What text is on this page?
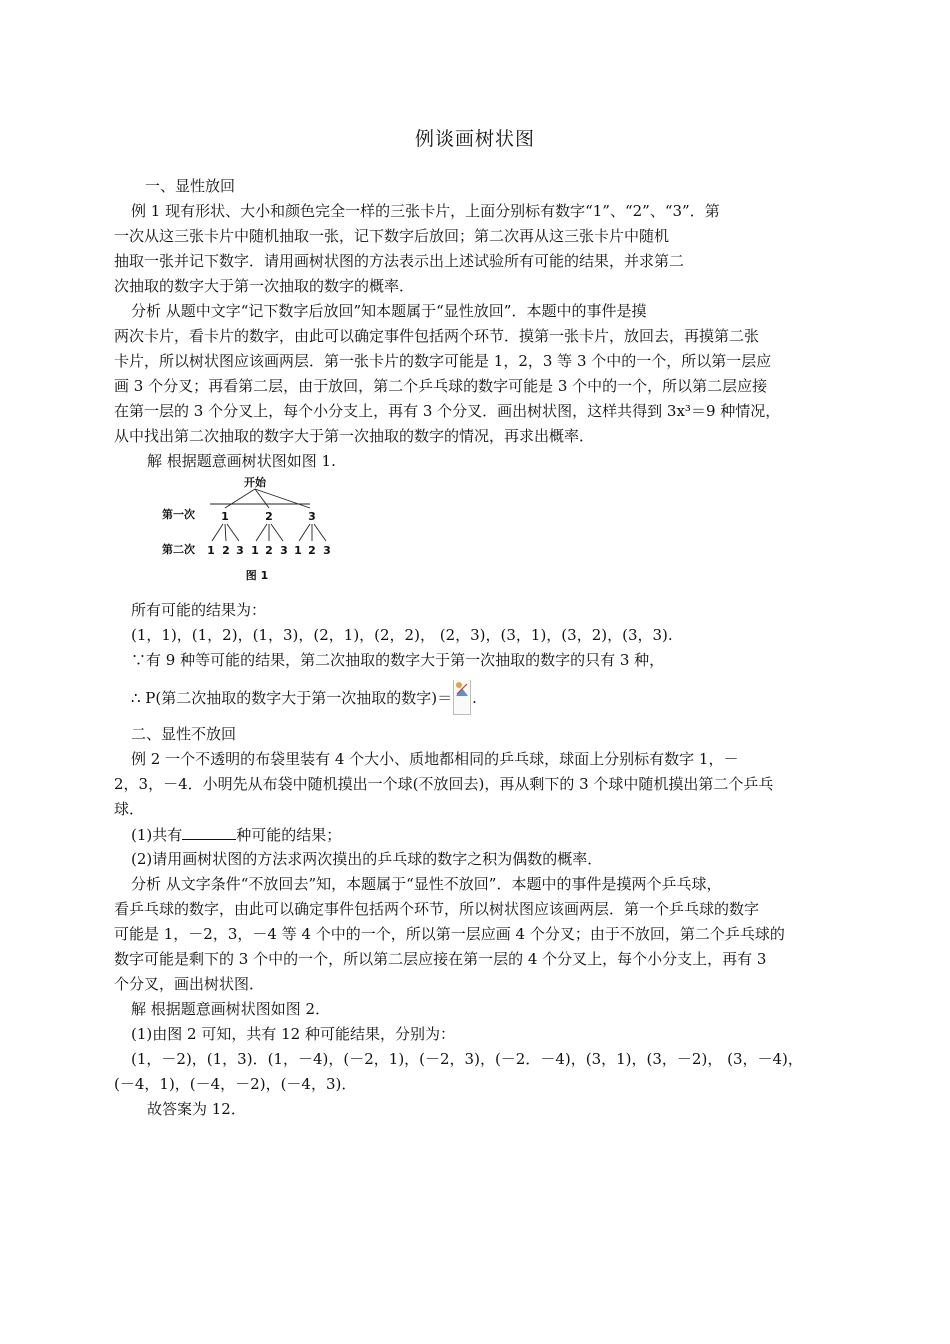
例谈画树状图
一、显性放回
例 1 现有形状、大小和颜色完全一样的三张卡片，上面分别标有数字“1”、“2”、“3”．第
一次从这三张卡片中随机抽取一张，记下数字后放回；第二次再从这三张卡片中随机
抽取一张并记下数字．请用画树状图的方法表示出上述试验所有可能的结果，并求第二
次抽取的数字大于第一次抽取的数字的概率．
分析 从题中文字“记下数字后放回”知本题属于“显性放回”．本题中的事件是摸
两次卡片，看卡片的数字，由此可以确定事件包括两个环节．摸第一张卡片，放回去，再摸第二张
卡片，所以树状图应该画两层．第一张卡片的数字可能是 1，2，3 等 3 个中的一个，所以第一层应
画 3 个分叉；再看第二层，由于放回，第二个乒乓球的数字可能是 3 个中的一个，所以第二层应接
在第一层的 3 个分叉上，每个小分支上，再有 3 个分叉．画出树状图，这样共得到 3x³＝9 种情况，
从中找出第二次抽取的数字大于第一次抽取的数字的情况，再求出概率．
解 根据题意画树状图如图 1.
开始
第一次 1	2	3
第二次 1 2 3 1 2 3 1 2 3
图 1
所有可能的结果为：
(1，1)，(1，2)，(1，3)，(2，1)，(2，2)， (2，3)，(3，1)，(3，2)，(3，3).
∵有 9 种等可能的结果，第二次抽取的数字大于第一次抽取的数字的只有 3 种，
∴ P(第二次抽取的数字大于第一次抽取的数字)＝ .
二、显性不放回
例 2 一个不透明的布袋里装有 4 个大小、质地都相同的乒乓球，球面上分别标有数字 1，－
2，3，－4．小明先从布袋中随机摸出一个球(不放回去)，再从剩下的 3 个球中随机摸出第二个乒乓
球．
(1)共有	种可能的结果；
(2)请用画树状图的方法求两次摸出的乒乓球的数字之积为偶数的概率．
分析 从文字条件“不放回去”知，本题属于“显性不放回”．本题中的事件是摸两个乒乓球，
看乒乓球的数字，由此可以确定事件包括两个环节，所以树状图应该画两层．第一个乒乓球的数字
可能是 1，－2，3，－4 等 4 个中的一个，所以第一层应画 4 个分叉；由于不放回，第二个乒乓球的
数字可能是剩下的 3 个中的一个，所以第二层应接在第一层的 4 个分叉上，每个小分支上，再有 3
个分叉，画出树状图．
解 根据题意画树状图如图 2．
(1)由图 2 可知，共有 12 种可能结果，分别为：
(1，－2)，(1，3)．(1，－4)，(－2，1)，(－2，3)，(－2．－4)，(3，1)，(3，－2)， (3，－4)，
(－4，1)，(－4，－2)，(－4，3)．
故答案为 12．
